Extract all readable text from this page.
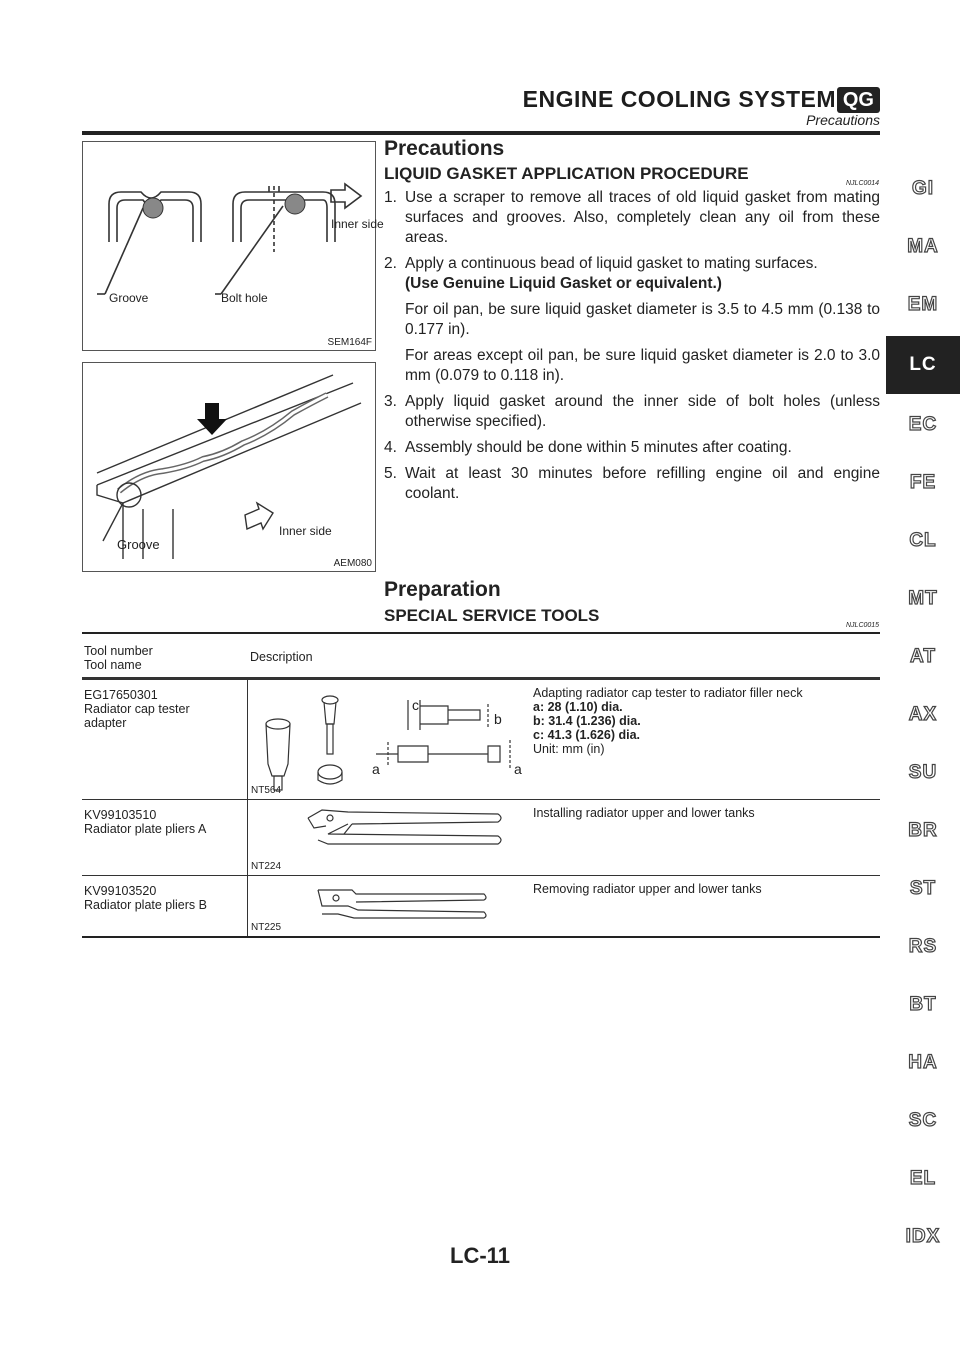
ENGINE COOLING SYSTEM QG
Precautions
Groove	Bolt hole
Inner side
SEM164F
Groove
Inner side
AEM080
Precautions
LIQUID GASKET APPLICATION PROCEDURE
NJLC0014
1. Use a scraper to remove all traces of old liquid gasket from mating surfaces and grooves. Also, completely clean any oil from these areas.
2. Apply a continuous bead of liquid gasket to mating surfaces.
(Use Genuine Liquid Gasket or equivalent.)
For oil pan, be sure liquid gasket diameter is 3.5 to 4.5 mm (0.138 to 0.177 in).
For areas except oil pan, be sure liquid gasket diameter is 2.0 to 3.0 mm (0.079 to 0.118 in).
3. Apply liquid gasket around the inner side of bolt holes (unless otherwise specified).
4. Assembly should be done within 5 minutes after coating.
5. Wait at least 30 minutes before refilling engine oil and engine coolant.
Preparation
SPECIAL SERVICE TOOLS
NJLC0015
Tool number
Tool name
Description
EG17650301
Radiator cap tester
adapter
c
b
a	a
NT564
Adapting radiator cap tester to radiator filler neck
a: 28 (1.10) dia.
b: 31.4 (1.236) dia.
c: 41.3 (1.626) dia.
Unit: mm (in)
KV99103510
Radiator plate pliers A
NT224
Installing radiator upper and lower tanks
KV99103520
Radiator plate pliers B
NT225
Removing radiator upper and lower tanks
GI
MA
EM
LC
EC
FE
CL
MT
AT
AX
SU
BR
ST
RS
BT
HA
SC
EL
IDX
LC-11
